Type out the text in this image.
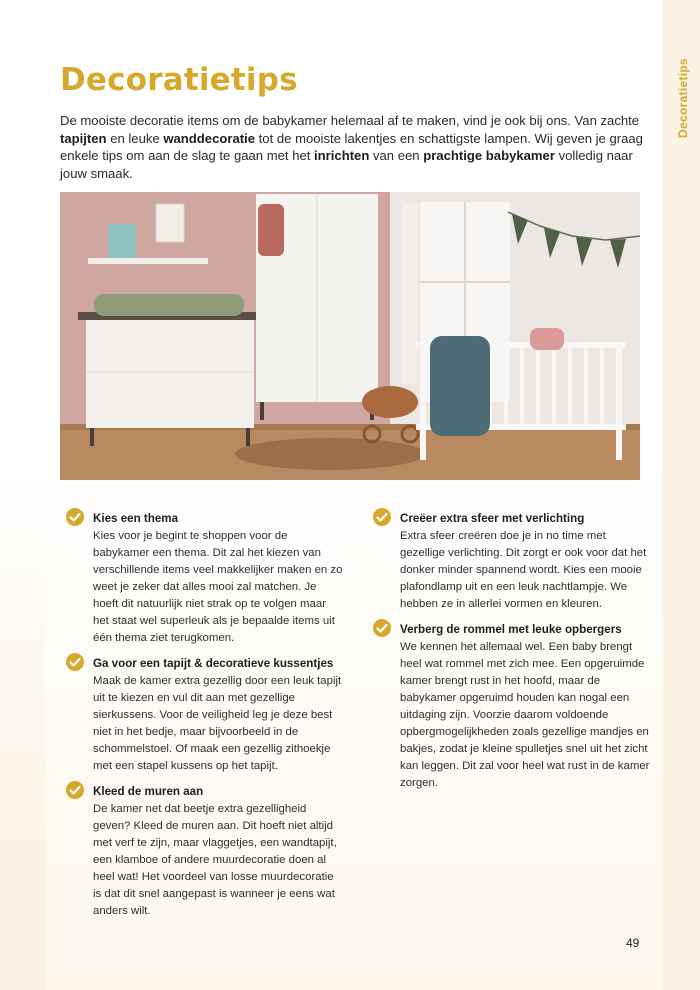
Decoratietips
Decoratietips

De mooiste decoratie items om de babykamer helemaal af te maken, vind je ook bij ons. Van zachte tapijten en leuke wanddecoratie tot de mooiste lakentjes en schattigste lampen. Wij geven je graag enkele tips om aan de slag te gaan met het inrichten van een prachtige babykamer volledig naar jouw smaak.

Kies een thema

Kies voor je begint te shoppen voor de babykamer een thema. Dit zal het kiezen van verschillende items veel makkelijker maken en zo weet je zeker dat alles mooi zal matchen. Je hoeft dit natuurlijk niet strak op te volgen maar het staat wel superleuk als je bepaalde items uit één thema ziet terugkomen.

Ga voor een tapijt & decoratieve kussentjes

Maak de kamer extra gezellig door een leuk tapijt uit te kiezen en vul dit aan met gezellige sierkussens. Voor de veiligheid leg je deze best niet in het bedje, maar bijvoorbeeld in de schommelstoel. Of maak een gezellig zithoekje met een stapel kussens op het tapijt.

Kleed de muren aan

De kamer net dat beetje extra gezelligheid geven? Kleed de muren aan. Dit hoeft niet altijd met verf te zijn, maar vlaggetjes, een wandtapijt, een klamboe of andere muurdecoratie doen al heel wat! Het voordeel van losse muurdecoratie is dat dit snel aangepast is wanneer je eens wat anders wilt.

Creëer extra sfeer met verlichting

Extra sfeer creëren doe je in no time met gezellige verlichting. Dit zorgt er ook voor dat het donker minder spannend wordt. Kies een mooie plafondlamp uit en een leuk nachtlampje. We hebben ze in allerlei vormen en kleuren.

Verberg de rommel met leuke opbergers

We kennen het allemaal wel. Een baby brengt heel wat rommel met zich mee. Een opgeruimde kamer brengt rust in het hoofd, maar de babykamer opgeruimd houden kan nogal een uitdaging zijn. Voorzie daarom voldoende opbergmogelijkheden zoals gezellige mandjes en bakjes, zodat je kleine spulletjes snel uit het zicht kan leggen. Dit zal voor heel wat rust in de kamer zorgen.

49
